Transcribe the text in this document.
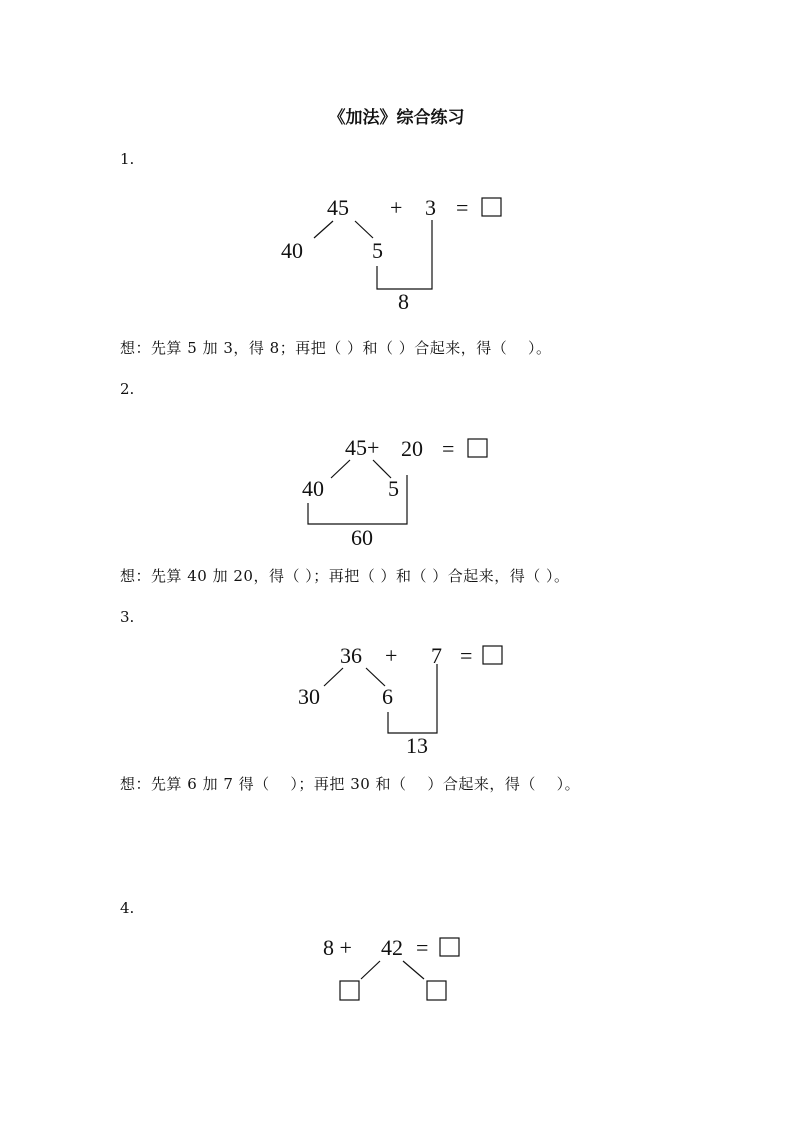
《加法》综合练习
1.
45 + 3 =
40	5
8
想：先算 5 加 3，得 8；再把（ ）和（ ）合起来，得（　 ）。
2.
45+ 20 =
40	5
60
想：先算 40 加 20，得（ ）；再把（ ）和（ ）合起来，得（ ）。
3.
36 + 7 =
30	6
13
想：先算 6 加 7 得（　 ）；再把 30 和（　 ）合起来，得（　 ）。
4.
8 + 42 =
